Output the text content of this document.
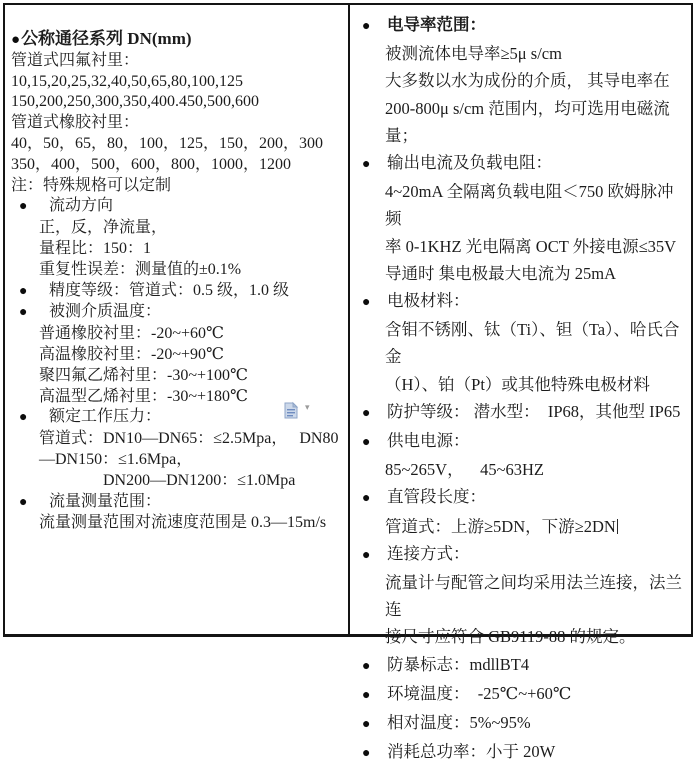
●公称通径系列 DN(mm)
管道式四氟衬里：
10,15,20,25,32,40,50,65,80,100,125
150,200,250,300,350,400.450,500,600
管道式橡胶衬里：
40，50，65，80，100，125，150，200，300
350，400，500，600，800，1000，1200
注：特殊规格可以定制
● 流动方向
正，反，净流量，
量程比：150：1
重复性误差：测量值的±0.1%
● 精度等级：管道式：0.5 级，1.0 级
● 被测介质温度：
普通橡胶衬里：-20~+60℃
高温橡胶衬里：-20~+90℃
聚四氟乙烯衬里：-30~+100℃
高温型乙烯衬里：-30~+180℃
● 额定工作压力：
管道式：DN10—DN65：≤2.5Mpa，　 DN80
—DN150：≤1.6Mpa，
DN200—DN1200：≤1.0Mpa
● 流量测量范围：
流量测量范围对流速度范围是 0.3—15m/s
● 电导率范围：
被测流体电导率≥5μ s/cm
大多数以水为成份的介质， 其导电率在
200-800μ s/cm 范围内，均可选用电磁流量；
● 输出电流及负载电阻：
4~20mA 全隔离负载电阻＜750 欧姆脉冲频
率 0-1KHZ 光电隔离 OCT 外接电源≤35V
导通时 集电极最大电流为 25mA
● 电极材料：
含钼不锈刚、钛（Ti）、钽（Ta）、哈氏合金
（H）、铂（Pt）或其他特殊电极材料
● 防护等级： 潜水型：  IP68，其他型 IP65
● 供电电源：
85~265V，    45~63HZ
● 直管段长度：
管道式：上游≥5DN，下游≥2DN
● 连接方式：
流量计与配管之间均采用法兰连接，法兰连
接尺寸应符合 GB9119-88 的规定。
● 防暴标志：mdllBT4
● 环境温度：  -25℃~+60℃
● 相对温度：5%~95%
● 消耗总功率：小于 20W
▾
